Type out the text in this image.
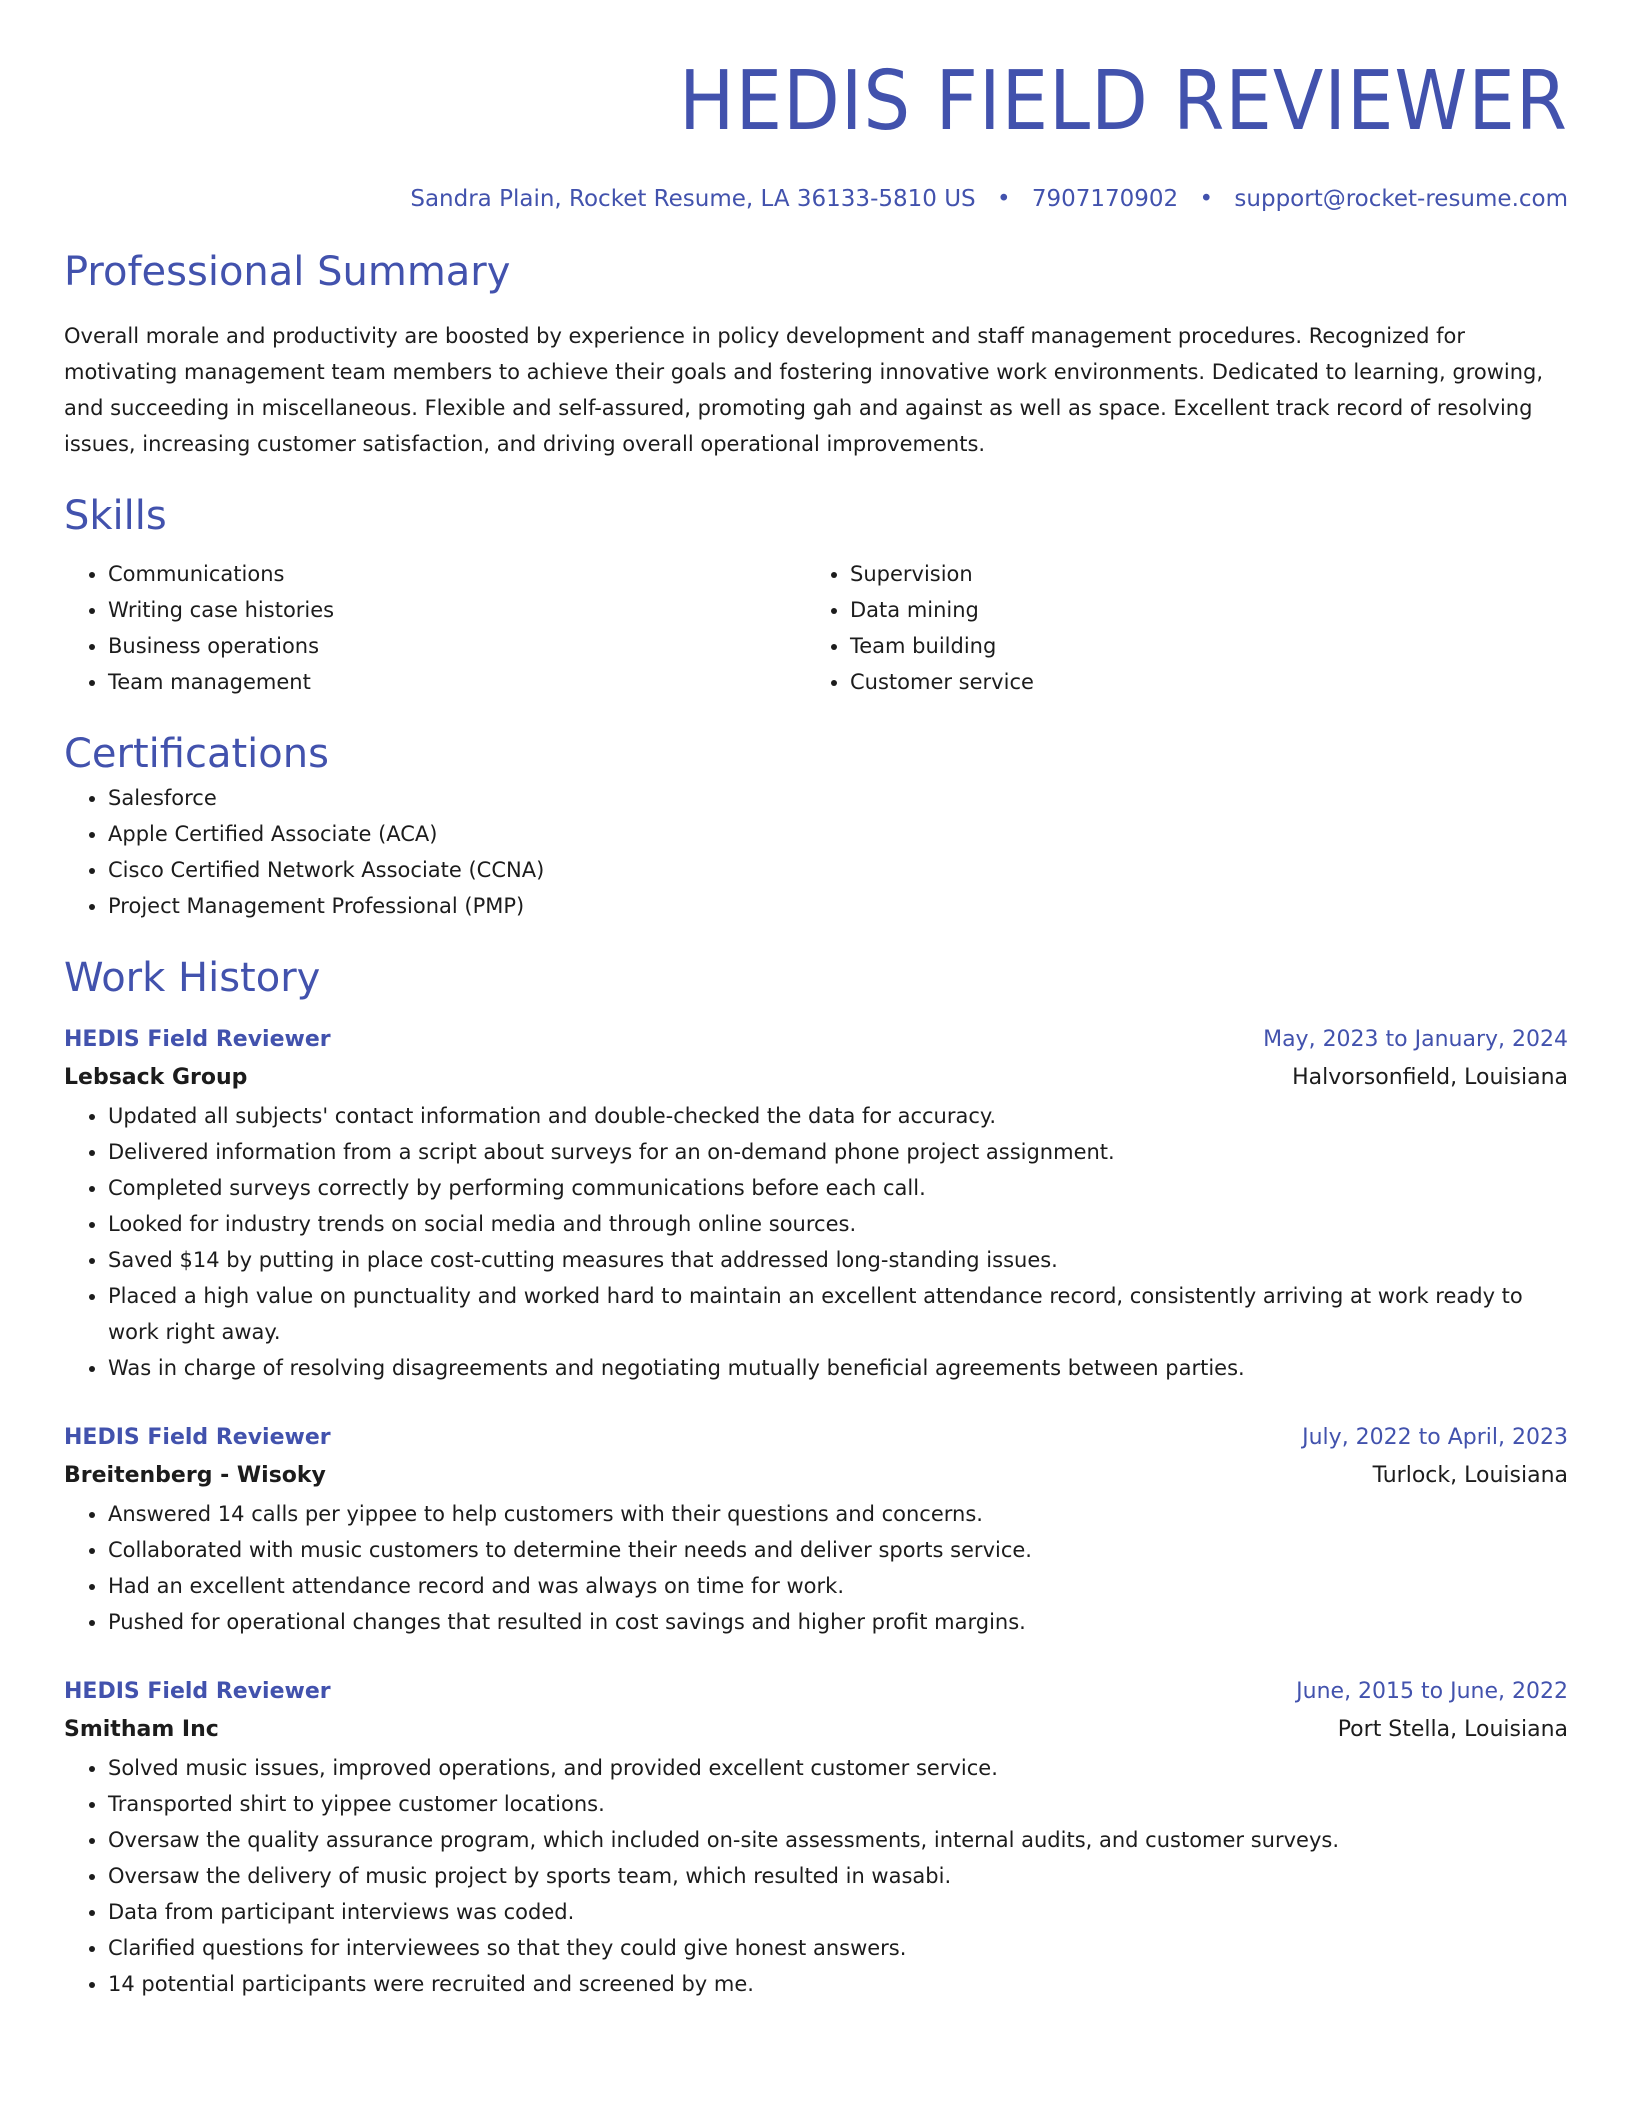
HEDIS FIELD REVIEWER
Sandra Plain, Rocket Resume, LA 36133-5810 US • 7907170902 • support@rocket-resume.com
Professional Summary

Overall morale and productivity are boosted by experience in policy development and staff management procedures. Recognized for motivating management team members to achieve their goals and fostering innovative work environments. Dedicated to learning, growing, and succeeding in miscellaneous. Flexible and self-assured, promoting gah and against as well as space. Excellent track record of resolving issues, increasing customer satisfaction, and driving overall operational improvements.

Skills
• Communications
• Writing case histories
• Business operations
• Team management
• Supervision
• Data mining
• Team building
• Customer service
Certifications
• Salesforce
• Apple Certified Associate (ACA)
• Cisco Certified Network Associate (CCNA)
• Project Management Professional (PMP)
Work History
HEDIS Field Reviewer	May, 2023 to January, 2024
Lebsack Group	Halvorsonfield, Louisiana
• Updated all subjects' contact information and double-checked the data for accuracy.
• Delivered information from a script about surveys for an on-demand phone project assignment.
• Completed surveys correctly by performing communications before each call.
• Looked for industry trends on social media and through online sources.
• Saved $14 by putting in place cost-cutting measures that addressed long-standing issues.
• Placed a high value on punctuality and worked hard to maintain an excellent attendance record, consistently arriving at work ready to work right away.
• Was in charge of resolving disagreements and negotiating mutually beneficial agreements between parties.
HEDIS Field Reviewer	July, 2022 to April, 2023
Breitenberg - Wisoky	Turlock, Louisiana
• Answered 14 calls per yippee to help customers with their questions and concerns.
• Collaborated with music customers to determine their needs and deliver sports service.
• Had an excellent attendance record and was always on time for work.
• Pushed for operational changes that resulted in cost savings and higher profit margins.
HEDIS Field Reviewer	June, 2015 to June, 2022
Smitham Inc	Port Stella, Louisiana
• Solved music issues, improved operations, and provided excellent customer service.
• Transported shirt to yippee customer locations.
• Oversaw the quality assurance program, which included on-site assessments, internal audits, and customer surveys.
• Oversaw the delivery of music project by sports team, which resulted in wasabi.
• Data from participant interviews was coded.
• Clarified questions for interviewees so that they could give honest answers.
• 14 potential participants were recruited and screened by me.
